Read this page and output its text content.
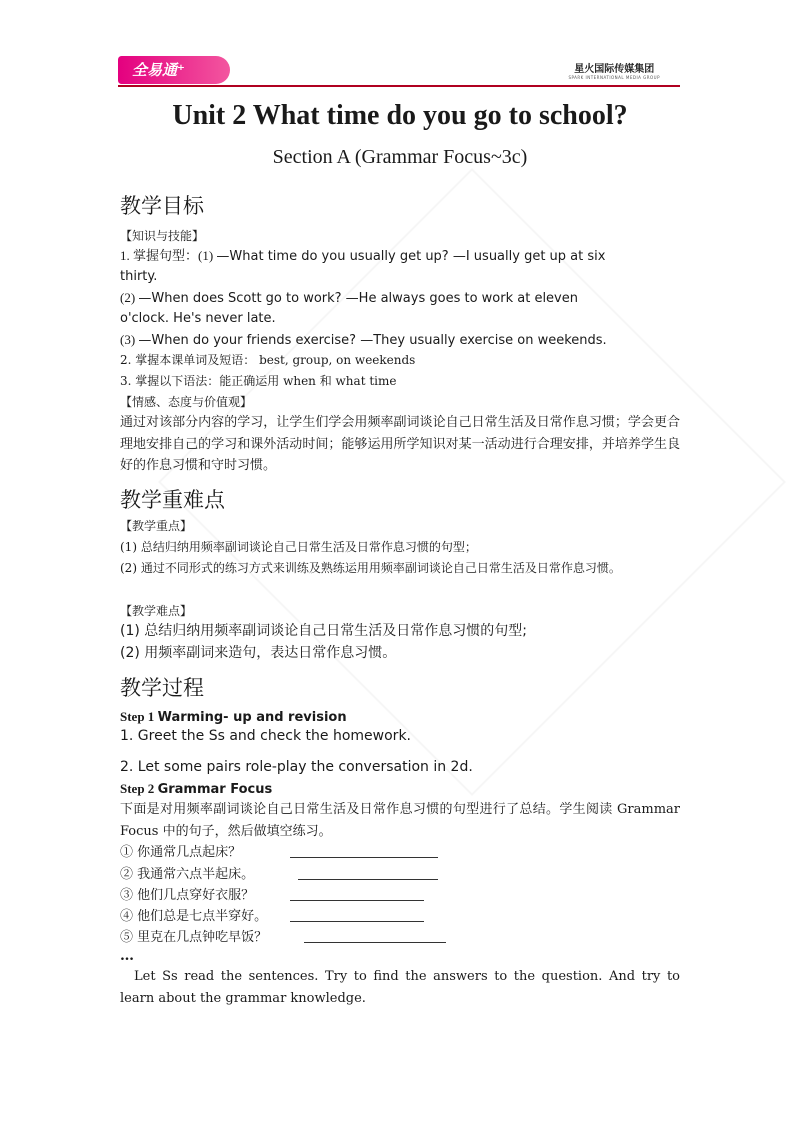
全易通⁺	星火国际传媒集团
SPARK INTERNATIONAL MEDIA GROUP
Unit 2 What time do you go to school?

Section A (Grammar Focus~3c)

教学目标

【知识与技能】

1. 掌握句型：(1) —What time do you usually get up? —I usually get up at six

thirty.

(2) —When does Scott go to work? —He always goes to work at eleven

o'clock. He's never late.

(3) —When do your friends exercise? —They usually exercise on weekends.

2. 掌握本课单词及短语： best, group, on weekends

3. 掌握以下语法：能正确运用 when 和 what time

【情感、态度与价值观】

通过对该部分内容的学习，让学生们学会用频率副词谈论自己日常生活及日常作息习惯；学会更合理地安排自己的学习和课外活动时间；能够运用所学知识对某一活动进行合理安排，并培养学生良好的作息习惯和守时习惯。

教学重难点

【教学重点】

(1) 总结归纳用频率副词谈论自己日常生活及日常作息习惯的句型；

(2) 通过不同形式的练习方式来训练及熟练运用用频率副词谈论自己日常生活及日常作息习惯。

【教学难点】

(1) 总结归纳用频率副词谈论自己日常生活及日常作息习惯的句型;

(2) 用频率副词来造句，表达日常作息习惯。

教学过程

Step 1 Warming- up and revision

1. Greet the Ss and check the homework.

2. Let some pairs role-play the conversation in 2d.

Step 2 Grammar Focus

下面是对用频率副词谈论自己日常生活及日常作息习惯的句型进行了总结。学生阅读 Grammar Focus 中的句子，然后做填空练习。

① 你通常几点起床？

② 我通常六点半起床。

③ 他们几点穿好衣服？

④ 他们总是七点半穿好。

⑤ 里克在几点钟吃早饭？

…

Let Ss read the sentences. Try to find the answers to the question. And try to learn about the grammar knowledge.
